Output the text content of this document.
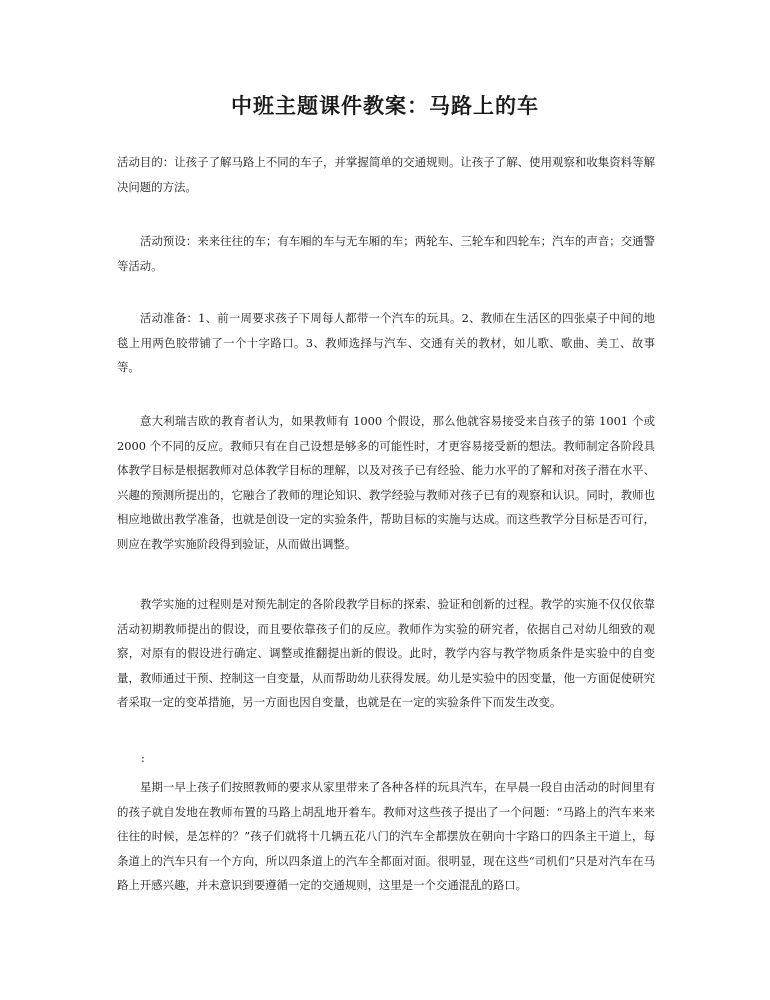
中班主题课件教案：马路上的车
活动目的：让孩子了解马路上不同的车子，并掌握简单的交通规则。让孩子了解、使用观察和收集资料等解决问题的方法。
活动预设：来来往往的车；有车厢的车与无车厢的车；两轮车、三轮车和四轮车；汽车的声音；交通警等活动。
活动准备：1、前一周要求孩子下周每人都带一个汽车的玩具。2、教师在生活区的四张桌子中间的地毯上用两色胶带铺了一个十字路口。3、教师选择与汽车、交通有关的教材，如儿歌、歌曲、美工、故事等。
意大利瑞吉欧的教育者认为，如果教师有 1000 个假设，那么他就容易接受来自孩子的第 1001 个或 2000 个不同的反应。教师只有在自己设想是够多的可能性时，才更容易接受新的想法。教师制定各阶段具体教学目标是根据教师对总体教学目标的理解，以及对孩子已有经验、能力水平的了解和对孩子潜在水平、兴趣的预测所提出的，它融合了教师的理论知识、教学经验与教师对孩子已有的观察和认识。同时，教师也相应地做出教学准备，也就是创设一定的实验条件，帮助目标的实施与达成。而这些教学分目标是否可行，则应在教学实施阶段得到验证，从而做出调整。
教学实施的过程则是对预先制定的各阶段教学目标的探索、验证和创新的过程。教学的实施不仅仅依靠活动初期教师提出的假设，而且要依靠孩子们的反应。教师作为实验的研究者，依据自己对幼儿细致的观察，对原有的假设进行确定、调整或推翻提出新的假设。此时，教学内容与教学物质条件是实验中的自变量，教师通过干预、控制这一自变量，从而帮助幼儿获得发展。幼儿是实验中的因变量，他一方面促使研究者采取一定的变革措施，另一方面也因自变量，也就是在一定的实验条件下而发生改变。
:
星期一早上孩子们按照教师的要求从家里带来了各种各样的玩具汽车，在早晨一段自由活动的时间里有的孩子就自发地在教师布置的马路上胡乱地开着车。教师对这些孩子提出了一个问题：“马路上的汽车来来往往的时候，是怎样的？”孩子们就将十几辆五花八门的汽车全都摆放在朝向十字路口的四条主干道上，每条道上的汽车只有一个方向，所以四条道上的汽车全都面对面。很明显，现在这些“司机们”只是对汽车在马路上开感兴趣，并未意识到要遵循一定的交通规则，这里是一个交通混乱的路口。
